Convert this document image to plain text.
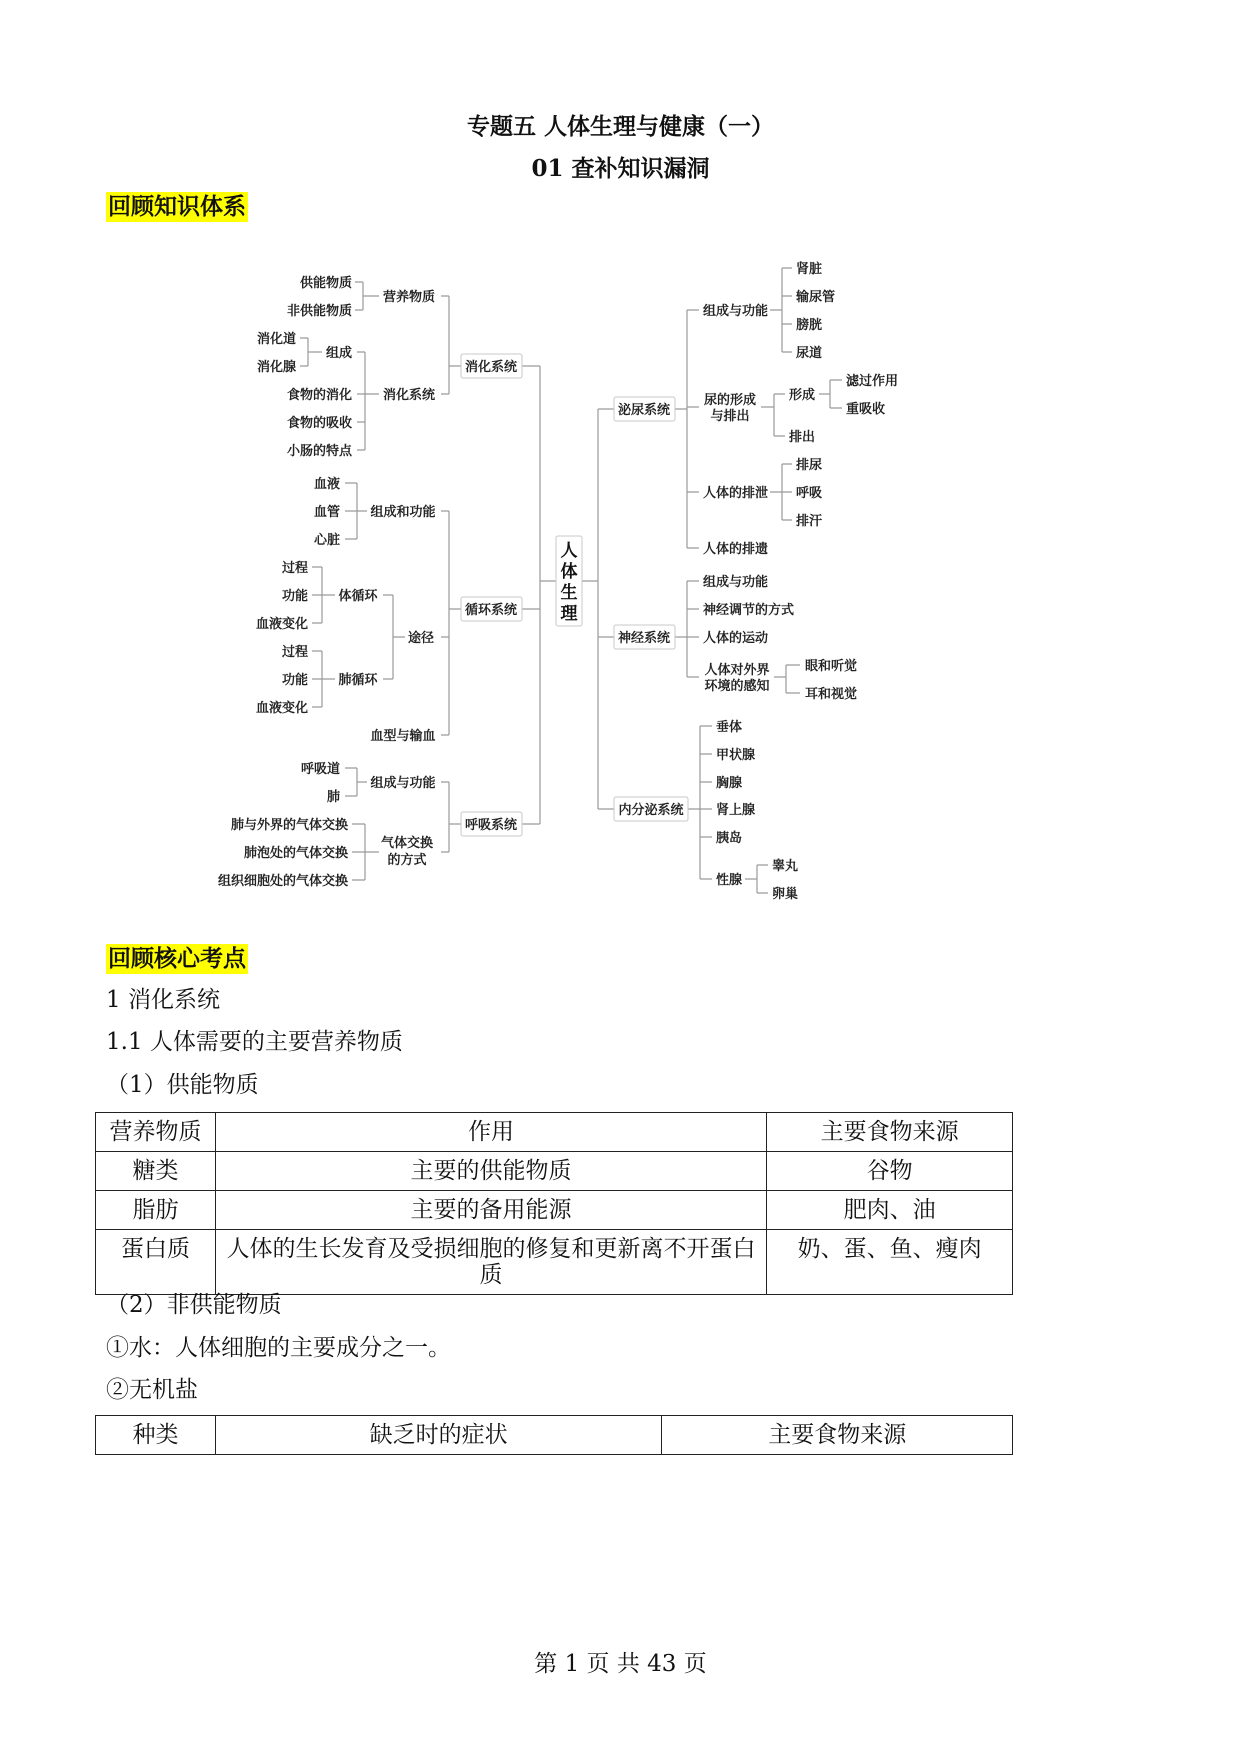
专题五 人体生理与健康（一）
01 查补知识漏洞
回顾知识体系
供能物质
非供能物质
营养物质
消化道
消化腺
组成
食物的消化
食物的吸收
小肠的特点
消化系统
消化系统
血液
血管
心脏
组成和功能
过程
功能
血液变化
体循环
过程
功能
血液变化
肺循环
途径
血型与输血
循环系统
呼吸道
肺
组成与功能
肺与外界的气体交换
肺泡处的气体交换
组织细胞处的气体交换
气体交换
的方式
呼吸系统
泌尿系统
组成与功能
肾脏
输尿管
膀胱
尿道
尿的形成
与排出
形成
滤过作用
重吸收
排出
人体的排泄
排尿
呼吸
排汗
人体的排遗
神经系统
组成与功能
神经调节的方式
人体的运动
人体对外界
环境的感知
眼和听觉
耳和视觉
内分泌系统
垂体
甲状腺
胸腺
肾上腺
胰岛
性腺
睾丸
卵巢
人
体
生
理
回顾核心考点
1 消化系统
1.1 人体需要的主要营养物质
（1）供能物质
营养物质	作用	主要食物来源
糖类	主要的供能物质	谷物
脂肪	主要的备用能源	肥肉、油
蛋白质	人体的生长发育及受损细胞的修复和更新离不开蛋白质	奶、蛋、鱼、瘦肉
（2）非供能物质
①水：人体细胞的主要成分之一。
②无机盐
种类	缺乏时的症状	主要食物来源
第 1 页 共 43 页
